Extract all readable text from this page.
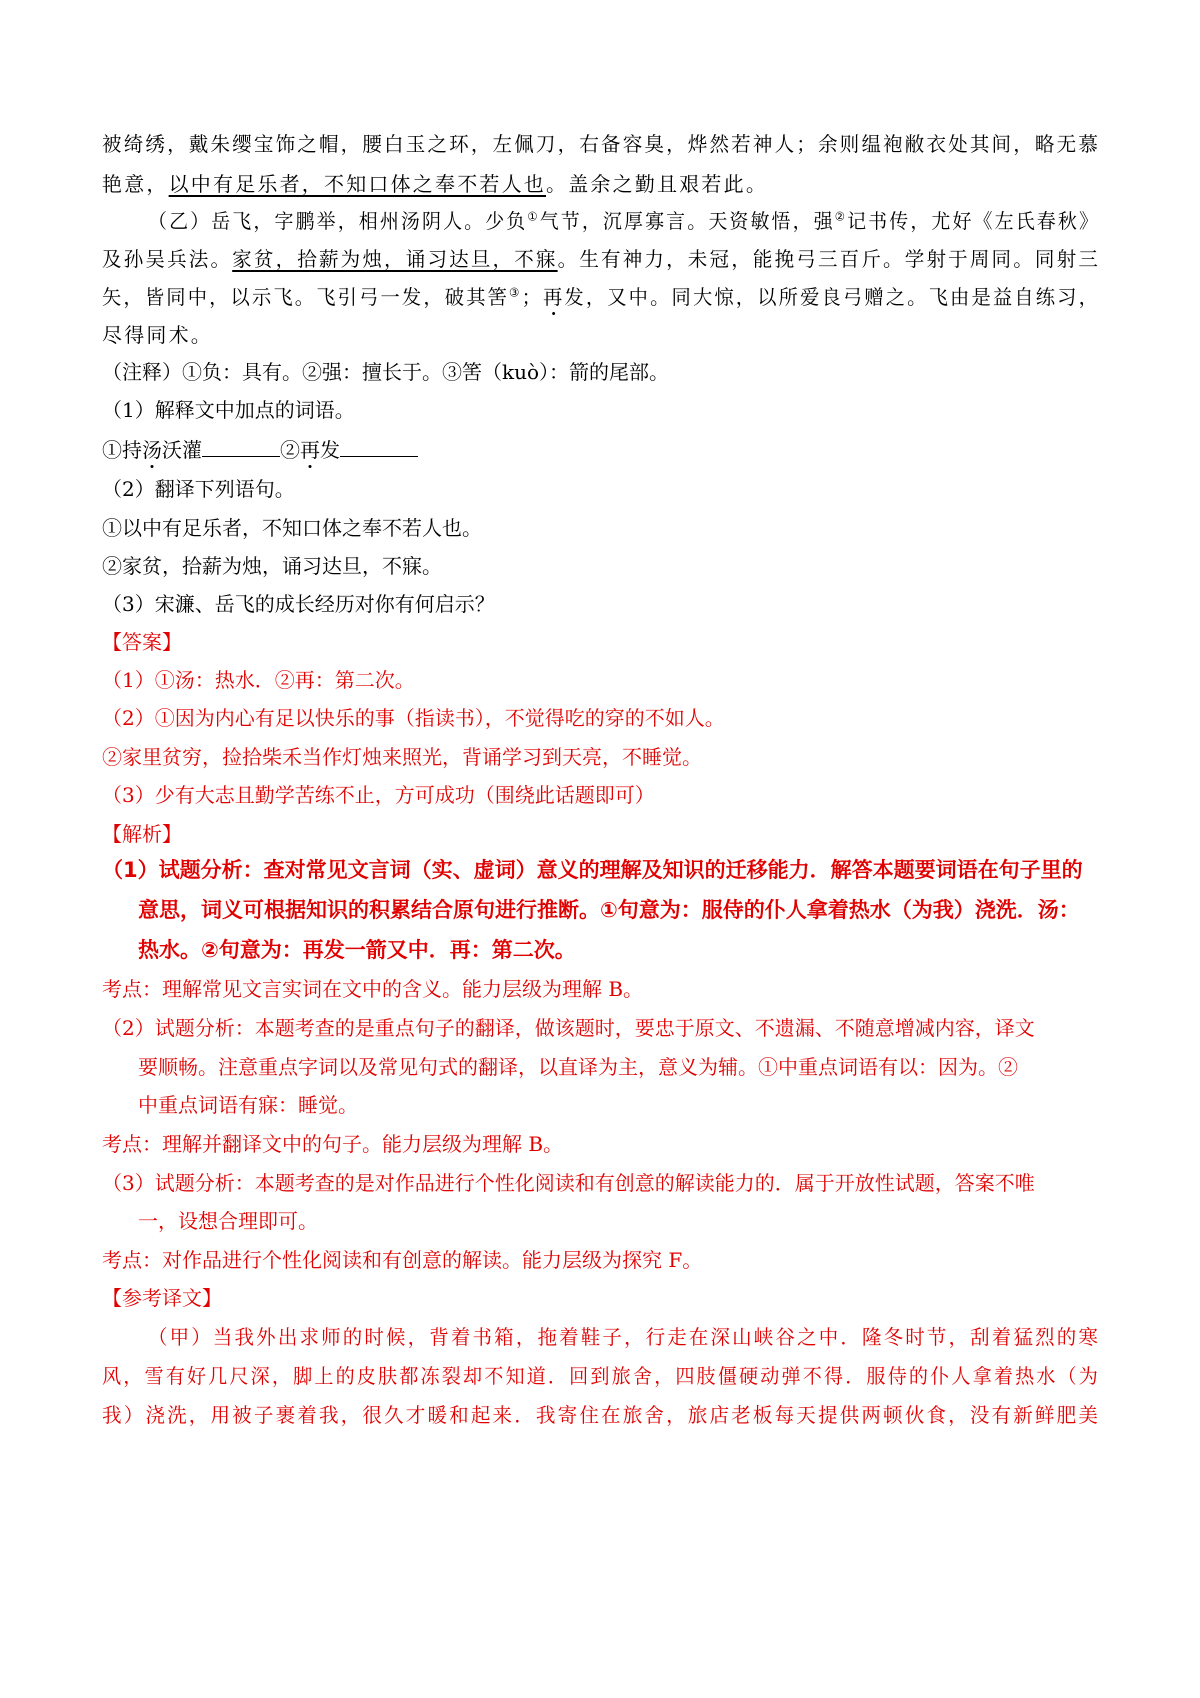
被绮绣，戴朱缨宝饰之帽，腰白玉之环，左佩刀，右备容臭，烨然若神人；余则缊袍敝衣处其间，略无慕
艳意，以中有足乐者，不知口体之奉不若人也。盖余之勤且艰若此。
（乙）岳飞，字鹏举，相州汤阴人。少负①气节，沉厚寡言。天资敏悟，强②记书传，尤好《左氏春秋》
及孙吴兵法。家贫，拾薪为烛，诵习达旦，不寐。生有神力，未冠，能挽弓三百斤。学射于周同。同射三
矢，皆同中，以示飞。飞引弓一发，破其筈③；再发，又中。同大惊，以所爱良弓赠之。飞由是益自练习，
尽得同术。
（注释）①负：具有。②强：擅长于。③筈（kuò）：箭的尾部。
（1）解释文中加点的词语。
①持汤沃灌	②再发
（2）翻译下列语句。
①以中有足乐者，不知口体之奉不若人也。
②家贫，拾薪为烛，诵习达旦，不寐。
（3）宋濂、岳飞的成长经历对你有何启示？
【答案】
（1）①汤：热水．②再：第二次。
（2）①因为内心有足以快乐的事（指读书），不觉得吃的穿的不如人。
②家里贫穷，捡拾柴禾当作灯烛来照光，背诵学习到天亮，不睡觉。
（3）少有大志且勤学苦练不止，方可成功（围绕此话题即可）
【解析】
（1）试题分析：查对常见文言词（实、虚词）意义的理解及知识的迁移能力．解答本题要词语在句子里的
意思，词义可根据知识的积累结合原句进行推断。①句意为：服侍的仆人拿着热水（为我）浇洗．汤：
热水。②句意为：再发一箭又中．再：第二次。
考点：理解常见文言实词在文中的含义。能力层级为理解 B。
（2）试题分析：本题考查的是重点句子的翻译，做该题时，要忠于原文、不遗漏、不随意增减内容，译文
要顺畅。注意重点字词以及常见句式的翻译，以直译为主，意义为辅。①中重点词语有以：因为。②
中重点词语有寐：睡觉。
考点：理解并翻译文中的句子。能力层级为理解 B。
（3）试题分析：本题考查的是对作品进行个性化阅读和有创意的解读能力的．属于开放性试题，答案不唯
一，设想合理即可。
考点：对作品进行个性化阅读和有创意的解读。能力层级为探究 F。
【参考译文】
（甲）当我外出求师的时候，背着书箱，拖着鞋子，行走在深山峡谷之中．隆冬时节，刮着猛烈的寒
风，雪有好几尺深，脚上的皮肤都冻裂却不知道．回到旅舍，四肢僵硬动弹不得．服侍的仆人拿着热水（为
我）浇洗，用被子裹着我，很久才暖和起来．我寄住在旅舍，旅店老板每天提供两顿伙食，没有新鲜肥美
